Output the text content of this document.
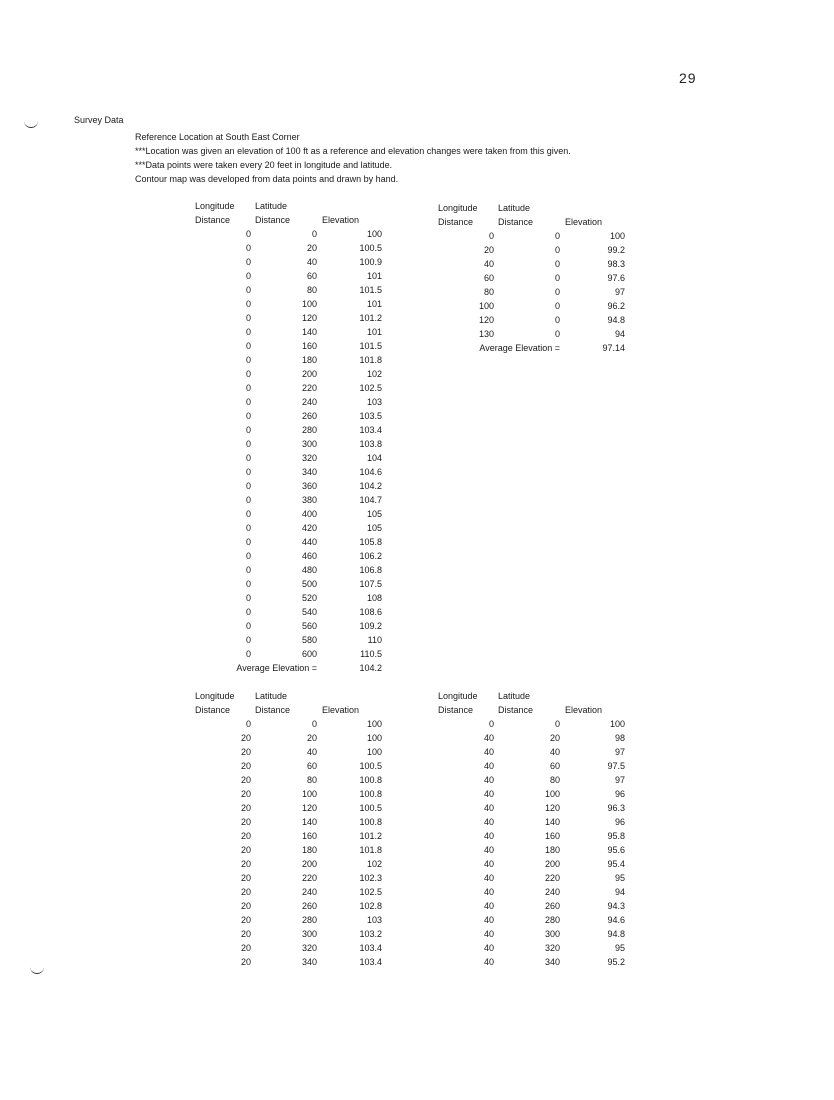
29
Survey Data
Reference Location at South East Corner
***Location was given an elevation of 100 ft as a reference and elevation changes were taken from this given.
***Data points were taken every 20 feet in longitude and latitude.
Contour map was developed from data points and drawn by hand.
Longitude	Latitude	
Distance	Distance	Elevation
0	0	100
0	20	100.5
0	40	100.9
0	60	101
0	80	101.5
0	100	101
0	120	101.2
0	140	101
0	160	101.5
0	180	101.8
0	200	102
0	220	102.5
0	240	103
0	260	103.5
0	280	103.4
0	300	103.8
0	320	104
0	340	104.6
0	360	104.2
0	380	104.7
0	400	105
0	420	105
0	440	105.8
0	460	106.2
0	480	106.8
0	500	107.5
0	520	108
0	540	108.6
0	560	109.2
0	580	110
0	600	110.5
Average Elevation =		104.2
Longitude	Latitude	
Distance	Distance	Elevation
0	0	100
20	0	99.2
40	0	98.3
60	0	97.6
80	0	97
100	0	96.2
120	0	94.8
130	0	94
Average Elevation =		97.14
Longitude	Latitude	
Distance	Distance	Elevation
0	0	100
20	20	100
20	40	100
20	60	100.5
20	80	100.8
20	100	100.8
20	120	100.5
20	140	100.8
20	160	101.2
20	180	101.8
20	200	102
20	220	102.3
20	240	102.5
20	260	102.8
20	280	103
20	300	103.2
20	320	103.4
20	340	103.4
Longitude	Latitude	
Distance	Distance	Elevation
0	0	100
40	20	98
40	40	97
40	60	97.5
40	80	97
40	100	96
40	120	96.3
40	140	96
40	160	95.8
40	180	95.6
40	200	95.4
40	220	95
40	240	94
40	260	94.3
40	280	94.6
40	300	94.8
40	320	95
40	340	95.2
